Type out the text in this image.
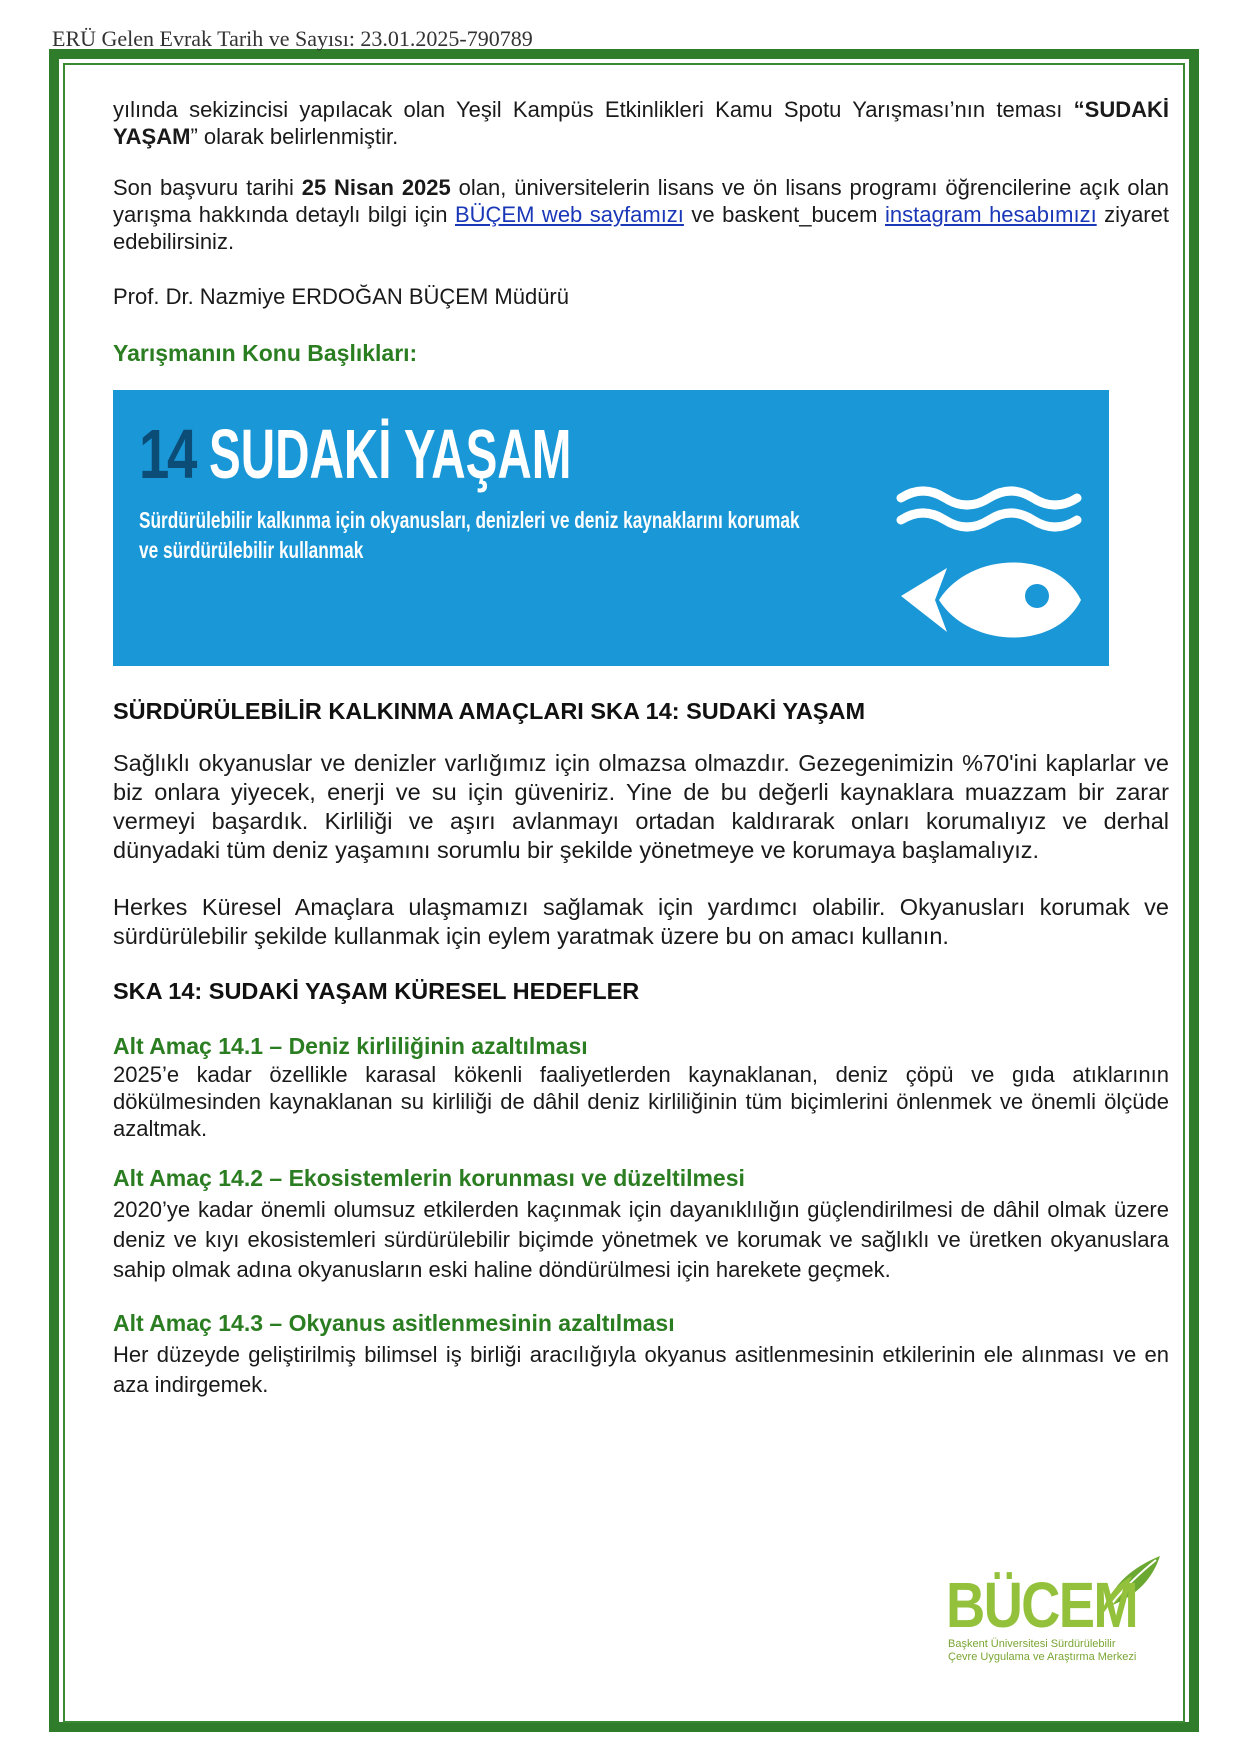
ERÜ Gelen Evrak Tarih ve Sayısı: 23.01.2025-790789

yılında sekizincisi yapılacak olan Yeşil Kampüs Etkinlikleri Kamu Spotu Yarışması’nın teması “SUDAKİ YAŞAM” olarak belirlenmiştir.

Son başvuru tarihi 25 Nisan 2025 olan, üniversitelerin lisans ve ön lisans programı öğrencilerine açık olan yarışma hakkında detaylı bilgi için BÜÇEM web sayfamızı ve baskent_bucem instagram hesabımızı ziyaret edebilirsiniz.

Prof. Dr. Nazmiye ERDOĞAN BÜÇEM Müdürü

Yarışmanın Konu Başlıkları:

14 SUDAKİ YAŞAM

Sürdürülebilir kalkınma için okyanusları, denizleri ve deniz kaynaklarını korumak ve sürdürülebilir kullanmak

SÜRDÜRÜLEBİLİR KALKINMA AMAÇLARI SKA 14: SUDAKİ YAŞAM

Sağlıklı okyanuslar ve denizler varlığımız için olmazsa olmazdır. Gezegenimizin %70'ini kaplarlar ve biz onlara yiyecek, enerji ve su için güveniriz. Yine de bu değerli kaynaklara muazzam bir zarar vermeyi başardık. Kirliliği ve aşırı avlanmayı ortadan kaldırarak onları korumalıyız ve derhal dünyadaki tüm deniz yaşamını sorumlu bir şekilde yönetmeye ve korumaya başlamalıyız.

Herkes Küresel Amaçlara ulaşmamızı sağlamak için yardımcı olabilir. Okyanusları korumak ve sürdürülebilir şekilde kullanmak için eylem yaratmak üzere bu on amacı kullanın.

SKA 14: SUDAKİ YAŞAM KÜRESEL HEDEFLER

Alt Amaç 14.1 – Deniz kirliliğinin azaltılması

2025’e kadar özellikle karasal kökenli faaliyetlerden kaynaklanan, deniz çöpü ve gıda atıklarının dökülmesinden kaynaklanan su kirliliği de dâhil deniz kirliliğinin tüm biçimlerini önlenmek ve önemli ölçüde azaltmak.

Alt Amaç 14.2 – Ekosistemlerin korunması ve düzeltilmesi

2020’ye kadar önemli olumsuz etkilerden kaçınmak için dayanıklılığın güçlendirilmesi de dâhil olmak üzere deniz ve kıyı ekosistemleri sürdürülebilir biçimde yönetmek ve korumak ve sağlıklı ve üretken okyanuslara sahip olmak adına okyanusların eski haline döndürülmesi için harekete geçmek.

Alt Amaç 14.3 – Okyanus asitlenmesinin azaltılması

Her düzeyde geliştirilmiş bilimsel iş birliği aracılığıyla okyanus asitlenmesinin etkilerinin ele alınması ve en aza indirgemek.

BÜCEM

Başkent Üniversitesi Sürdürülebilir
Çevre Uygulama ve Araştırma Merkezi
